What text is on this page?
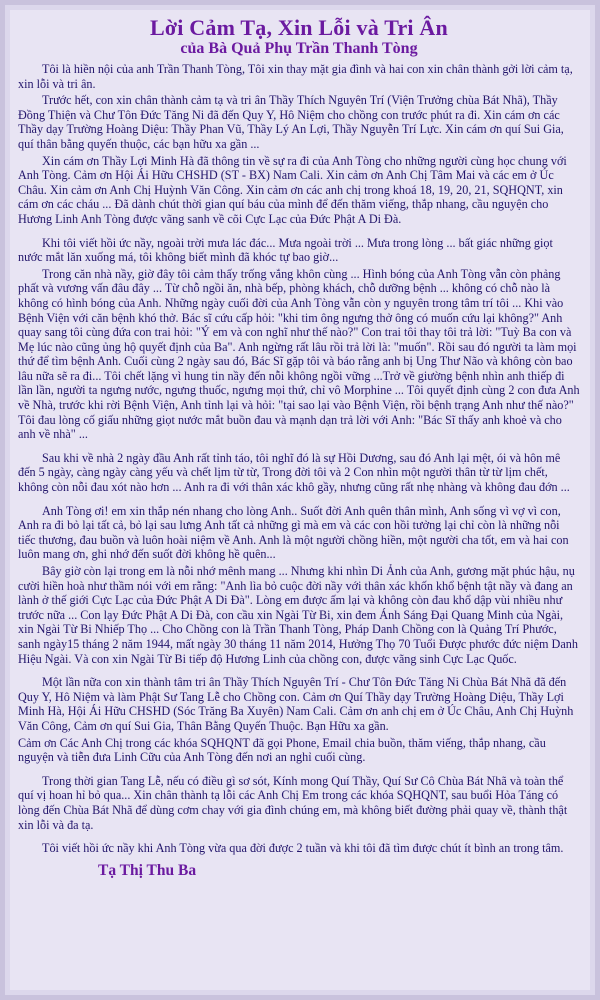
Lời Cảm Tạ, Xin Lỗi và Tri Ân
của Bà Quả Phụ Trần Thanh Tòng

Tôi là hiền nội của anh Trần Thanh Tòng, Tôi xin thay mặt gia đình và hai con xin chân thành gởi lời cảm tạ, xin lỗi và tri ân.

Trước hết, con xin chân thành cảm tạ và tri ân Thầy Thích Nguyên Trí (Viện Trưởng chùa Bát Nhã), Thầy Đồng Thiện và Chư Tôn Đức Tăng Ni đã đến Quy Y, Hô Niệm cho chồng con trước phút ra đi. Xin cám ơn các Thầy dạy Trường Hoàng Diệu: Thầy Phan Vũ, Thầy Lý An Lợi, Thầy Nguyễn Trí Lực. Xin cám ơn quí Sui Gia, quí thân bằng quyến thuộc, các bạn hữu xa gần ...

Xin cám ơn Thầy Lợi Minh Hà đã thông tin về sự ra đi của Anh Tòng cho những người cùng học chung với Anh Tòng. Cảm ơn Hội Ái Hữu CHSHD (ST - BX) Nam Cali. Xin cảm ơn Anh Chị Tâm Mai và các em ở Úc Châu. Xin cảm ơn Anh Chị Huỳnh Văn Công. Xin cảm ơn các anh chị trong khoá 18, 19, 20, 21, SQHQNT, xin cám ơn các cháu ... Đã dành chút thời gian quí báu của mình để đến thăm viếng, thắp nhang, cầu nguyện cho Hương Linh Anh Tòng được vãng sanh về cõi Cực Lạc của Đức Phật A Di Đà.

Khi tôi viết hồi ức nầy, ngoài trời mưa lác đác... Mưa ngoài trời ... Mưa trong lòng ... bất giác những giọt nước mắt lăn xuống má, tôi không biết mình đã khóc tự bao giờ...

Trong căn nhà nầy, giờ đây tôi cảm thấy trống vắng khôn cùng ... Hình bóng của Anh Tòng vẫn còn phảng phất và vương vấn đâu đây ... Từ chỗ ngồi ăn, nhà bếp, phòng khách, chỗ dưỡng bệnh ... không có chỗ nào là không có hình bóng của Anh. Những ngày cuối đời của Anh Tòng vẫn còn y nguyên trong tâm trí tôi ... Khi vào Bệnh Viện với căn bệnh khó thở. Bác sĩ cứu cấp hỏi: "khi tim ông ngưng thở ông có muốn cứu lại không?" Anh quay sang tôi cùng đứa con trai hỏi: "Ý em và con nghĩ như thế nào?" Con trai tôi thay tôi trả lời: "Tuỳ Ba con và Mẹ lúc nào cũng ủng hộ quyết định của Ba". Anh ngừng rất lâu rồi trả lời là: "muốn". Rồi sau đó người ta làm mọi thứ để tìm bệnh Anh. Cuối cùng 2 ngày sau đó, Bác Sĩ gặp tôi và báo rằng anh bị Ung Thư Não và không còn bao lâu nữa sẽ ra đi... Tôi chết lặng vì hung tin nầy đến nỗi không ngồi vững ...Trở về giường bệnh nhìn anh thiếp đi lần lần, người ta ngưng nước, ngưng thuốc, ngưng mọi thứ, chỉ vô Morphine ... Tôi quyết định cùng 2 con đưa Anh về Nhà, trước khi rời Bệnh Viện, Anh tỉnh lại và hỏi: "tại sao lại vào Bệnh Viện, rồi bệnh trạng Anh như thế nào?" Tôi đau lòng cố giấu những giọt nước mắt buồn đau và mạnh dạn trả lời với Anh: "Bác Sĩ thấy anh khoẻ và cho anh về nhà" ...

Sau khi về nhà 2 ngày đầu Anh rất tỉnh táo, tôi nghĩ đó là sự Hồi Dương, sau đó Anh lại mệt, ói và hôn mê đến 5 ngày, càng ngày càng yếu và chết lịm từ từ, Trong đời tôi và 2 Con nhìn một người thân từ từ lịm chết, không còn nỗi đau xót nào hơn ... Anh ra đi với thân xác khô gầy, nhưng cũng rất nhẹ nhàng và không đau đớn ...

Anh Tòng ơi! em xin thắp nén nhang cho lòng Anh.. Suốt đời Anh quên thân mình, Anh sống vì vợ vì con, Anh ra đi bỏ lại tất cả, bỏ lại sau lưng Anh tất cả những gì mà em và các con hồi tưởng lại chỉ còn là những nỗi tiếc thương, đau buồn và luôn hoài niệm về Anh. Anh là một người chồng hiền, một người cha tốt, em và hai con luôn mang ơn, ghi nhớ đến suốt đời không hề quên...

Bây giờ còn lại trong em là nỗi nhớ mênh mang ... Nhưng khi nhìn Di Ảnh của Anh, gương mặt phúc hậu, nụ cười hiền hoà như thầm nói với em rằng: "Anh lìa bỏ cuộc đời nầy với thân xác khốn khổ bệnh tật nầy và đang an lành ở thế giới Cực Lạc của Đức Phật A Di Đà". Lòng em được ấm lại và không còn đau khổ dập vùi nhiều như trước nữa ... Con lạy Đức Phật A Di Đà, con cầu xin Ngài Từ Bi, xin đem Ánh Sáng Đại Quang Minh của Ngài, xin Ngài Từ Bi Nhiếp Thọ ... Cho Chồng con là Trần Thanh Tòng, Pháp Danh Chồng con là Quảng Trí Phước, sanh ngày15 tháng 2 năm 1944, mất ngày 30 tháng 11 năm 2014, Hưởng Thọ 70 Tuổi Được phước đức niệm Danh Hiệu Ngài. Và con xin Ngài Từ Bi tiếp độ Hương Linh của chồng con, được vãng sinh Cực Lạc Quốc.

Một lần nữa con xin thành tâm tri ân Thầy Thích Nguyên Trí - Chư Tôn Đức Tăng Ni Chùa Bát Nhã đã đến Quy Y, Hô Niệm và làm Phật Sư Tang Lễ cho Chồng con. Cảm ơn Quí Thầy dạy Trường Hoàng Diệu, Thầy Lợi Minh Hà, Hội Ái Hữu CHSHD (Sóc Trăng Ba Xuyên) Nam Cali. Cảm ơn anh chị em ở Úc Châu, Anh Chị Huỳnh Văn Công, Cảm ơn quí Sui Gia, Thân Bằng Quyến Thuộc. Bạn Hữu xa gần.

Cảm ơn Các Anh Chị trong các khóa SQHQNT đã gọi Phone, Email chia buồn, thăm viếng, thắp nhang, cầu nguyện và tiễn đưa Linh Cữu của Anh Tòng đến nơi an nghỉ cuối cùng.

Trong thời gian Tang Lễ, nếu có điều gì sơ sót, Kính mong Quí Thầy, Quí Sư Cô Chùa Bát Nhã và toàn thể quí vị hoan hỉ bỏ qua... Xin chân thành tạ lỗi các Anh Chị Em trong các khóa SQHQNT, sau buổi Hỏa Táng có lòng đến Chùa Bát Nhã để dùng cơm chay với gia đình chúng em, mà không biết đường phải quay về, thành thật xin lỗi và đa tạ.

Tôi viết hồi ức nầy khi Anh Tòng vừa qua đời được 2 tuần và khi tôi đã tìm được chút ít bình an trong tâm.

Tạ Thị Thu Ba
